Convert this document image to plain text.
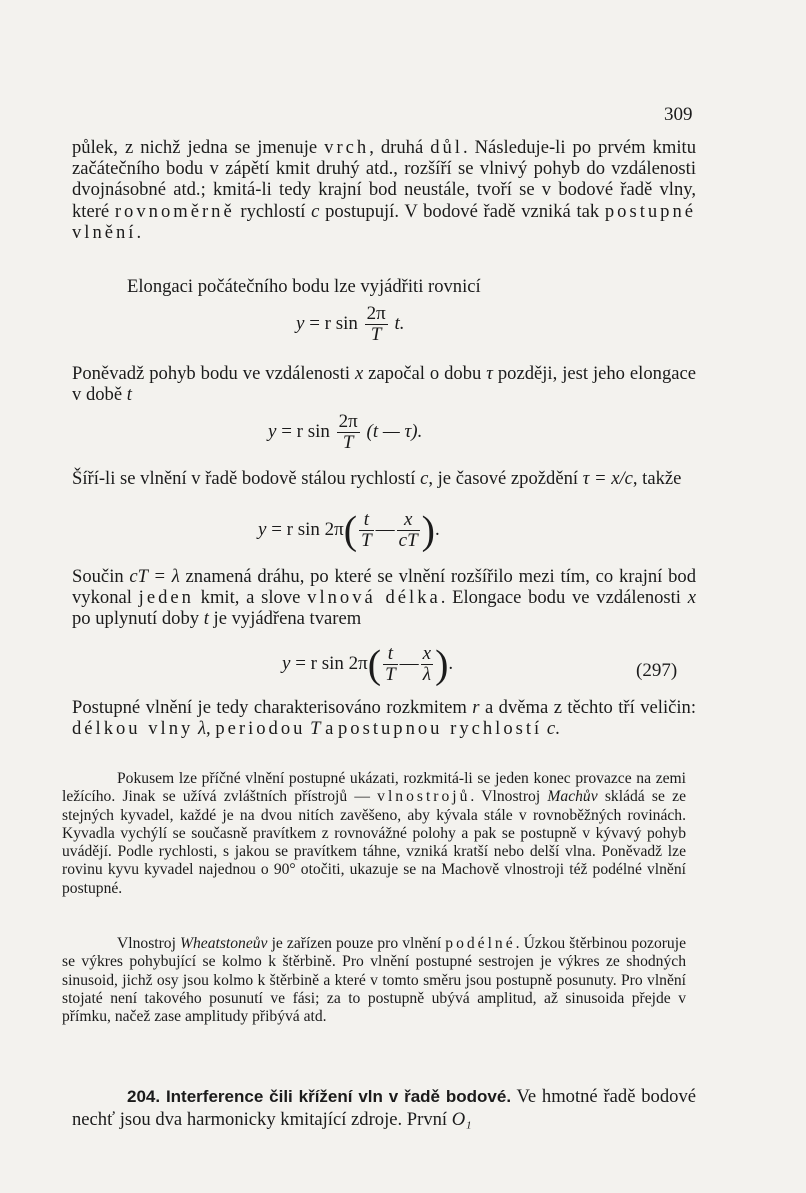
309
půlek, z nichž jedna se jmenuje vrch, druhá důl. Následuje-li po prvém kmitu začátečního bodu v zápětí kmit druhý atd., rozšíří se vlnivý pohyb do vzdálenosti dvojnásobné atd.; kmitá-li tedy krajní bod neustále, tvoří se v bodové řadě vlny, které rovnoměrně rychlostí c postupují. V bodové řadě vzniká tak postupné vlnění.
Elongaci počátečního bodu lze vyjádřiti rovnicí
y = r $\sin \frac{2\pi}{T} t$.
Poněvadž pohyb bodu ve vzdálenosti x započal o dobu τ později, jest jeho elongace v době t
y = r $\sin \frac{2\pi}{T} (t$ — τ).
Šíří-li se vlnění v řadě bodově stálou rychlostí c, je časové zpoždění τ = x/c, takže
y = r $\sin 2\pi( \frac{t}{T}$ — $\frac{x}{cT}$ ).
Součin cT = λ znamená dráhu, po které se vlnění rozšířilo mezi tím, co krajní bod vykonal jeden kmit, a slove vlnová délka. Elongace bodu ve vzdálenosti x po uplynutí doby t je vyjádřena tvarem
y = r $\sin 2\pi( \frac{t}{T}$ — $\frac{x}{\lambda}$ ).	(297)
Postupné vlnění je tedy charakterisováno rozkmitem r a dvěma z těchto tří veličin: délkou vlny λ, periodou T a postupnou rychlostí c.
Pokusem lze příčné vlnění postupné ukázati, rozkmitá-li se jeden konec provazce na zemi ležícího. Jinak se užívá zvláštních přístrojů — vlnostrojů. Vlnostroj Machův skládá se ze stejných kyvadel, každé je na dvou nitích zavěšeno, aby kývala stále v rovnoběžných rovinách. Kyvadla vychýlí se současně pravítkem z rovnovážné polohy a pak se postupně v kývavý pohyb uvádějí. Podle rychlosti, s jakou se pravítkem táhne, vzniká kratší nebo delší vlna. Poněvadž lze rovinu kyvu kyvadel najednou o 90° otočiti, ukazuje se na Machově vlnostroji též podélné vlnění postupné.
Vlnostroj Wheatstoneův je zařízen pouze pro vlnění podélné. Úzkou štěrbinou pozoruje se výkres pohybující se kolmo k štěrbině. Pro vlnění postupné sestrojen je výkres ze shodných sinusoid, jichž osy jsou kolmo k štěrbině a které v tomto směru jsou postupně posunuty. Pro vlnění stojaté není takového posunutí ve fási; za to postupně ubývá amplitud, až sinusoida přejde v přímku, načež zase amplitudy přibývá atd.
204. Interference čili křížení vln v řadě bodové. Ve hmotné řadě bodové nechť jsou dva harmonicky kmitající zdroje. První O₁
